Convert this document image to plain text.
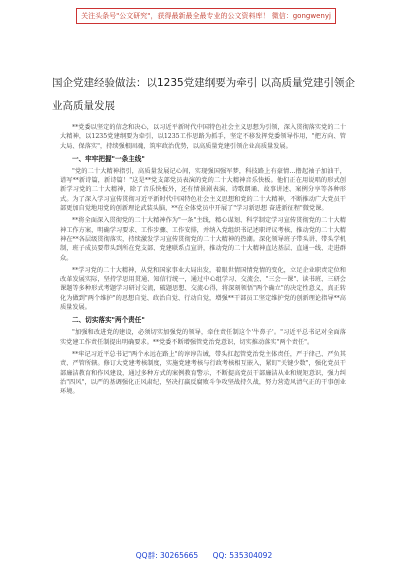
关注头条号"公文研究"，获得最新最全最专业的公文资料库！ 微信：gongwenyj
国企党建经验做法：以1235党建纲要为牵引 以高质量党建引领企业高质量发展
**党委以坚定的信念和决心，以习近平新时代中国特色社会主义思想为引领，深入贯彻落实党的二十大精神，以1235党建纲要为牵引，以1235工作思路为抓手，坚定不移发挥党委领导作用，"把方向、管大局、保落实"，持续强根固魂，筑牢政治优势，以高质量党建引领企业高质量发展。
一、牢牢把握"一条主线"
"党的二十大精神指引，高质量发展记心间，实现强国强军梦，科技路上有豪情…撸起袖子加油干，谱写**新诗篇，新诗篇！"这是**党支部党员表演的党的二十大精神音乐快板。他们正在用说唱的形式创新学习党的二十大精神，除了音乐快板外，还有情景剧表演、诗歌朗诵、故事讲述、案例分享等各种形式。为了深入学习宣传贯彻习近平新时代中国特色社会主义思想和党的二十大精神，不断推动广大党员干部更加自觉地用党的创新理论武装头脑，**在全体党员中开展了"学习新思想 奋进新征程"微党课。
**将全面深入贯彻党的二十大精神作为"一条"主线，精心谋划、科学制定学习宣传贯彻党的二十大精神工作方案，明确学习要求、工作步骤、工作安排，并纳入党组织书记述职评议考核，推动党的二十大精神在**各层级贯彻落实，持续激发学习宣传贯彻党的二十大精神的热潮。深化领导班子带头讲、带头学机制，班子成员要带头到所在党支部、党建联系点宣讲，推动党的二十大精神直达基层、直通一线、走进群众。
**学习党的二十大精神，从党和国家事业大局出发，着眼世情国情党情的变化，立足企业职责定位和改革发展实际，坚持学思用贯通、知信行统一，通过中心组学习、交流会、"三会一课"、读书班、三研会课题等多种形式考题学习研讨交流，破题思想、交流心得，将深刻领悟"两个确立"的决定性意义，真正转化为做到"两个维护"的思想自觉、政治自觉、行动自觉，增强**干部员工坚定维护党的创新理论指导**高质量发展。
二、切实落实"两个责任"
"加强和改进党的建设，必须切实加强党的领导，牵住责任制这个'牛鼻子'。"习近平总书记对全面落实党建工作责任制提出明确要求。**党委不断增强管党治党意识，切实推动落实"两个责任"。
**牢记习近平总书记"两个永远在路上"的谆谆告诫，带头扛起管党治党主体责任，严于律己、严负其责、严管所辖。修订大党建考核制度，实施党建考核与行政考核相互嵌入，紧盯"关键少数"，强化党员干部廉洁教育和作风建设，通过多种方式的案例教育警示，不断提高党员干部廉洁从业和规矩意识，强力纠治"四风"，以严的基调强化正风肃纪，坚决打赢反腐败斗争攻坚战持久战，努力营造风清气正的干事创业环境。
QQ群: 30265665 QQ: 535304092
